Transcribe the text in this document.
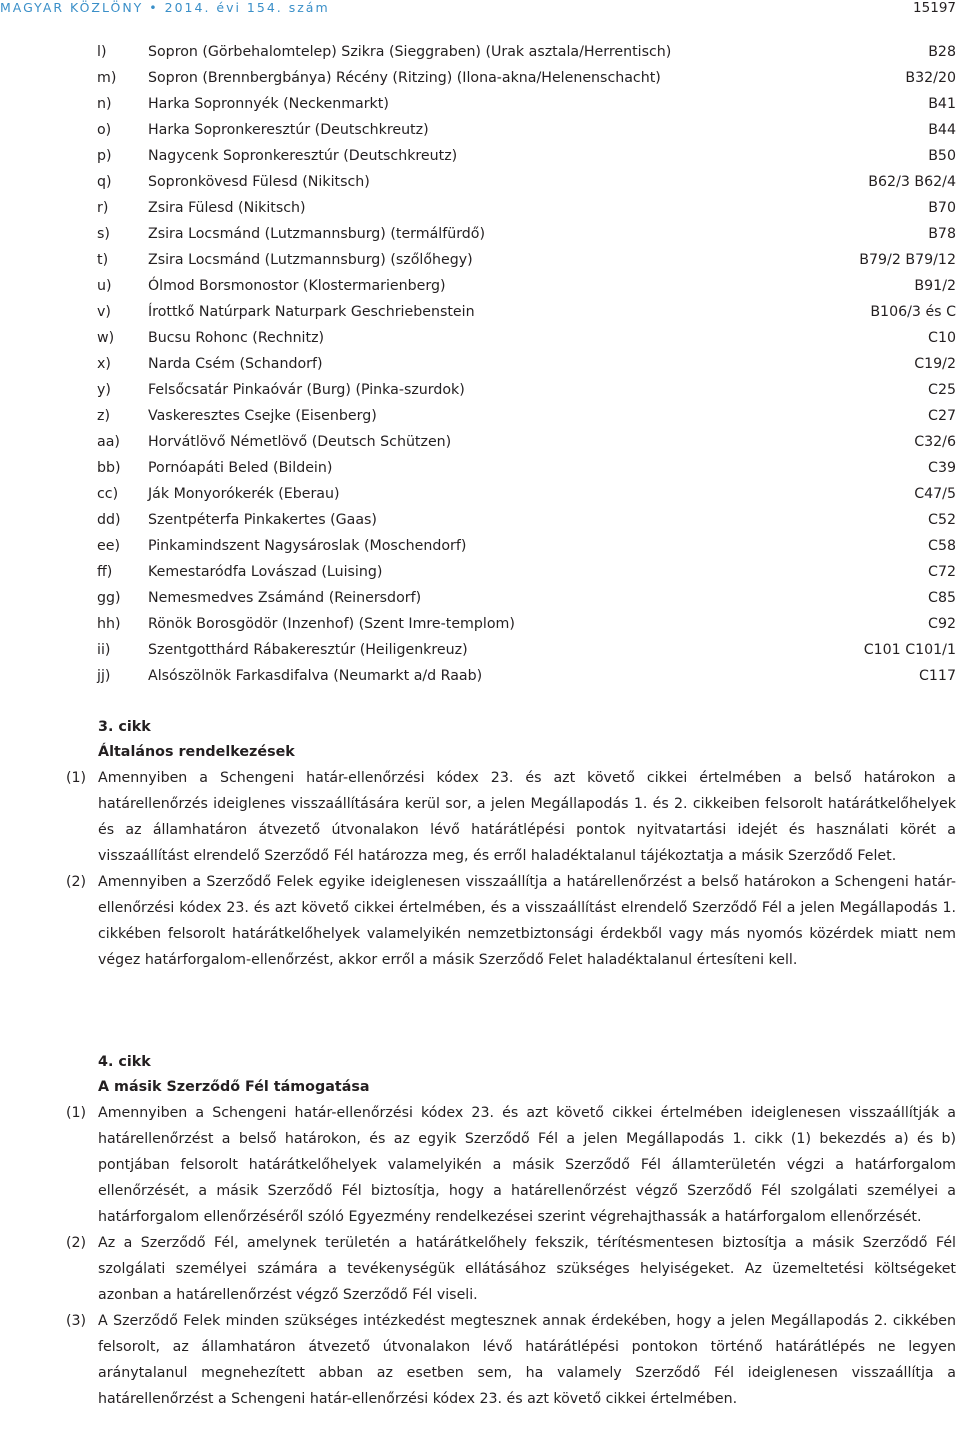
MAGYAR KÖZLÖNY • 2014. évi 154. szám	15197
l)	Sopron (Görbehalomtelep) Szikra (Sieggraben) (Urak asztala/Herrentisch)	B28
m) Sopron (Brennbergbánya) Récény (Ritzing) (Ilona-akna/Helenenschacht)	B32/20
n)	Harka Sopronnyék (Neckenmarkt)	B41
o)	Harka Sopronkeresztúr (Deutschkreutz)	B44
p)	Nagycenk Sopronkeresztúr (Deutschkreutz)	B50
q)	Sopronkövesd Fülesd (Nikitsch)	B62/3 B62/4
r)	Zsira Fülesd (Nikitsch)	B70
s)	Zsira Locsmánd (Lutzmannsburg) (termálfürdő)	B78
t)	Zsira Locsmánd (Lutzmannsburg) (szőlőhegy)	B79/2 B79/12
u)	Ólmod Borsmonostor (Klostermarienberg)	B91/2
v)	Írottkő Natúrpark Naturpark Geschriebenstein	B106/3 és C
w) Bucsu Rohonc (Rechnitz)	C10
x)	Narda Csém (Schandorf)	C19/2
y)	Felsőcsatár Pinkaóvár (Burg) (Pinka-szurdok)	C25
z)	Vaskeresztes Csejke (Eisenberg)	C27
aa) Horvátlövő Németlövő (Deutsch Schützen)	C32/6
bb) Pornóapáti Beled (Bildein)	C39
cc) Ják Monyorókerék (Eberau)	C47/5
dd) Szentpéterfa Pinkakertes (Gaas)	C52
ee) Pinkamindszent Nagysároslak (Moschendorf)	C58
ff)	Kemestaródfa Lovászad (Luising)	C72
gg) Nemesmedves Zsámánd (Reinersdorf)	C85
hh) Rönök Borosgödör (Inzenhof) (Szent Imre-templom)	C92
ii)	Szentgotthárd Rábakeresztúr (Heiligenkreuz)	C101 C101/1
jj)	Alsószölnök Farkasdifalva (Neumarkt a/d Raab)	C117
3. cikk
Általános rendelkezések
(1) Amennyiben a Schengeni határ-ellenőrzési kódex 23. és azt követő cikkei értelmében a belső határokon a határellenőrzés ideiglenes visszaállítására kerül sor, a jelen Megállapodás 1. és 2. cikkeiben felsorolt határátkelőhelyek és az államhatáron átvezető útvonalakon lévő határátlépési pontok nyitvatartási idejét és használati körét a visszaállítást elrendelő Szerződő Fél határozza meg, és erről haladéktalanul tájékoztatja a másik Szerződő Felet.

(2) Amennyiben a Szerződő Felek egyike ideiglenesen visszaállítja a határellenőrzést a belső határokon a Schengeni határ-ellenőrzési kódex 23. és azt követő cikkei értelmében, és a visszaállítást elrendelő Szerződő Fél a jelen Megállapodás 1. cikkében felsorolt határátkelőhelyek valamelyikén nemzetbiztonsági érdekből vagy más nyomós közérdek miatt nem végez határforgalom-ellenőrzést, akkor erről a másik Szerződő Felet haladéktalanul értesíteni kell.

4. cikk
A másik Szerződő Fél támogatása
(1) Amennyiben a Schengeni határ-ellenőrzési kódex 23. és azt követő cikkei értelmében ideiglenesen visszaállítják a határellenőrzést a belső határokon, és az egyik Szerződő Fél a jelen Megállapodás 1. cikk (1) bekezdés a) és b) pontjában felsorolt határátkelőhelyek valamelyikén a másik Szerződő Fél államterületén végzi a határforgalom ellenőrzését, a másik Szerződő Fél biztosítja, hogy a határellenőrzést végző Szerződő Fél szolgálati személyei a határforgalom ellenőrzéséről szóló Egyezmény rendelkezései szerint végrehajthassák a határforgalom ellenőrzését.

(2) Az a Szerződő Fél, amelynek területén a határátkelőhely fekszik, térítésmentesen biztosítja a másik Szerződő Fél szolgálati személyei számára a tevékenységük ellátásához szükséges helyiségeket. Az üzemeltetési költségeket azonban a határellenőrzést végző Szerződő Fél viseli.

(3) A Szerződő Felek minden szükséges intézkedést megtesznek annak érdekében, hogy a jelen Megállapodás 2. cikkében felsorolt, az államhatáron átvezető útvonalakon lévő határátlépési pontokon történő határátlépés ne legyen aránytalanul megnehezített abban az esetben sem, ha valamely Szerződő Fél ideiglenesen visszaállítja a határellenőrzést a Schengeni határ-ellenőrzési kódex 23. és azt követő cikkei értelmében.
